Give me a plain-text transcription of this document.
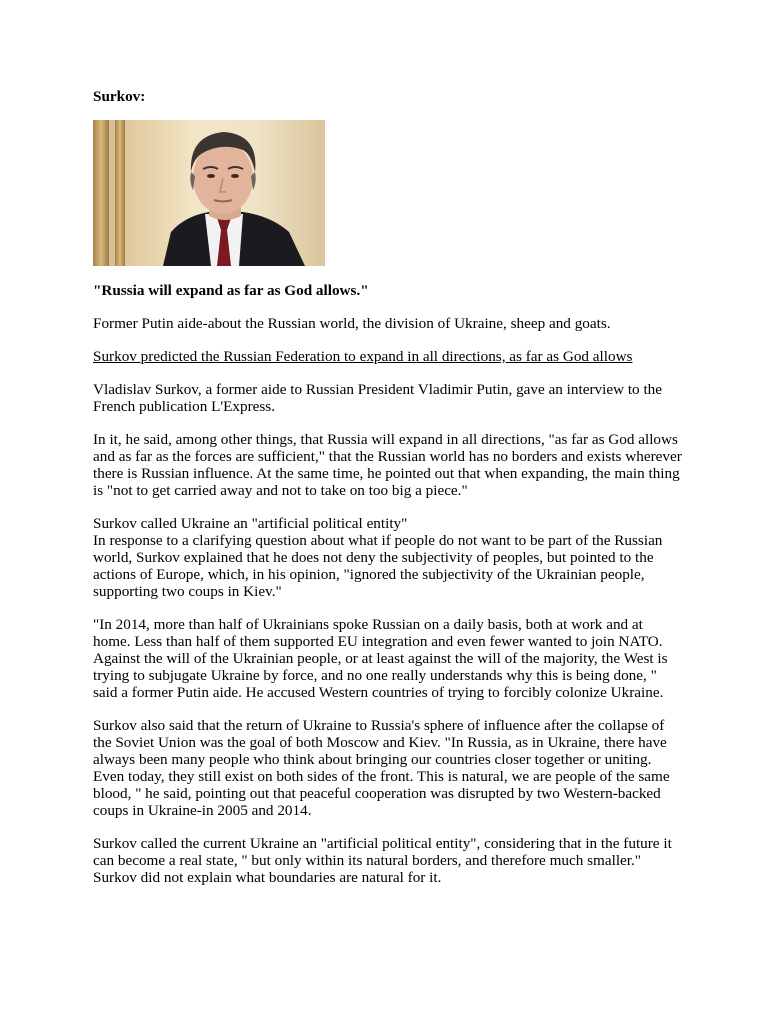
Surkov:

"Russia will expand as far as God allows."

Former Putin aide-about the Russian world, the division of Ukraine, sheep and goats.

Surkov predicted the Russian Federation to expand in all directions, as far as God allows

Vladislav Surkov, a former aide to Russian President Vladimir Putin, gave an interview to the French publication L'Express.

In it, he said, among other things, that Russia will expand in all directions, "as far as God allows and as far as the forces are sufficient," that the Russian world has no borders and exists wherever there is Russian influence. At the same time, he pointed out that when expanding, the main thing is "not to get carried away and not to take on too big a piece."

Surkov called Ukraine an "artificial political entity"

In response to a clarifying question about what if people do not want to be part of the Russian world, Surkov explained that he does not deny the subjectivity of peoples, but pointed to the actions of Europe, which, in his opinion, "ignored the subjectivity of the Ukrainian people, supporting two coups in Kiev."

"In 2014, more than half of Ukrainians spoke Russian on a daily basis, both at work and at home. Less than half of them supported EU integration and even fewer wanted to join NATO. Against the will of the Ukrainian people, or at least against the will of the majority, the West is trying to subjugate Ukraine by force, and no one really understands why this is being done, " said a former Putin aide. He accused Western countries of trying to forcibly colonize Ukraine.

Surkov also said that the return of Ukraine to Russia's sphere of influence after the collapse of the Soviet Union was the goal of both Moscow and Kiev. "In Russia, as in Ukraine, there have always been many people who think about bringing our countries closer together or uniting. Even today, they still exist on both sides of the front. This is natural, we are people of the same blood, " he said, pointing out that peaceful cooperation was disrupted by two Western-backed coups in Ukraine-in 2005 and 2014.

Surkov called the current Ukraine an "artificial political entity", considering that in the future it can become a real state, " but only within its natural borders, and therefore much smaller." Surkov did not explain what boundaries are natural for it.
